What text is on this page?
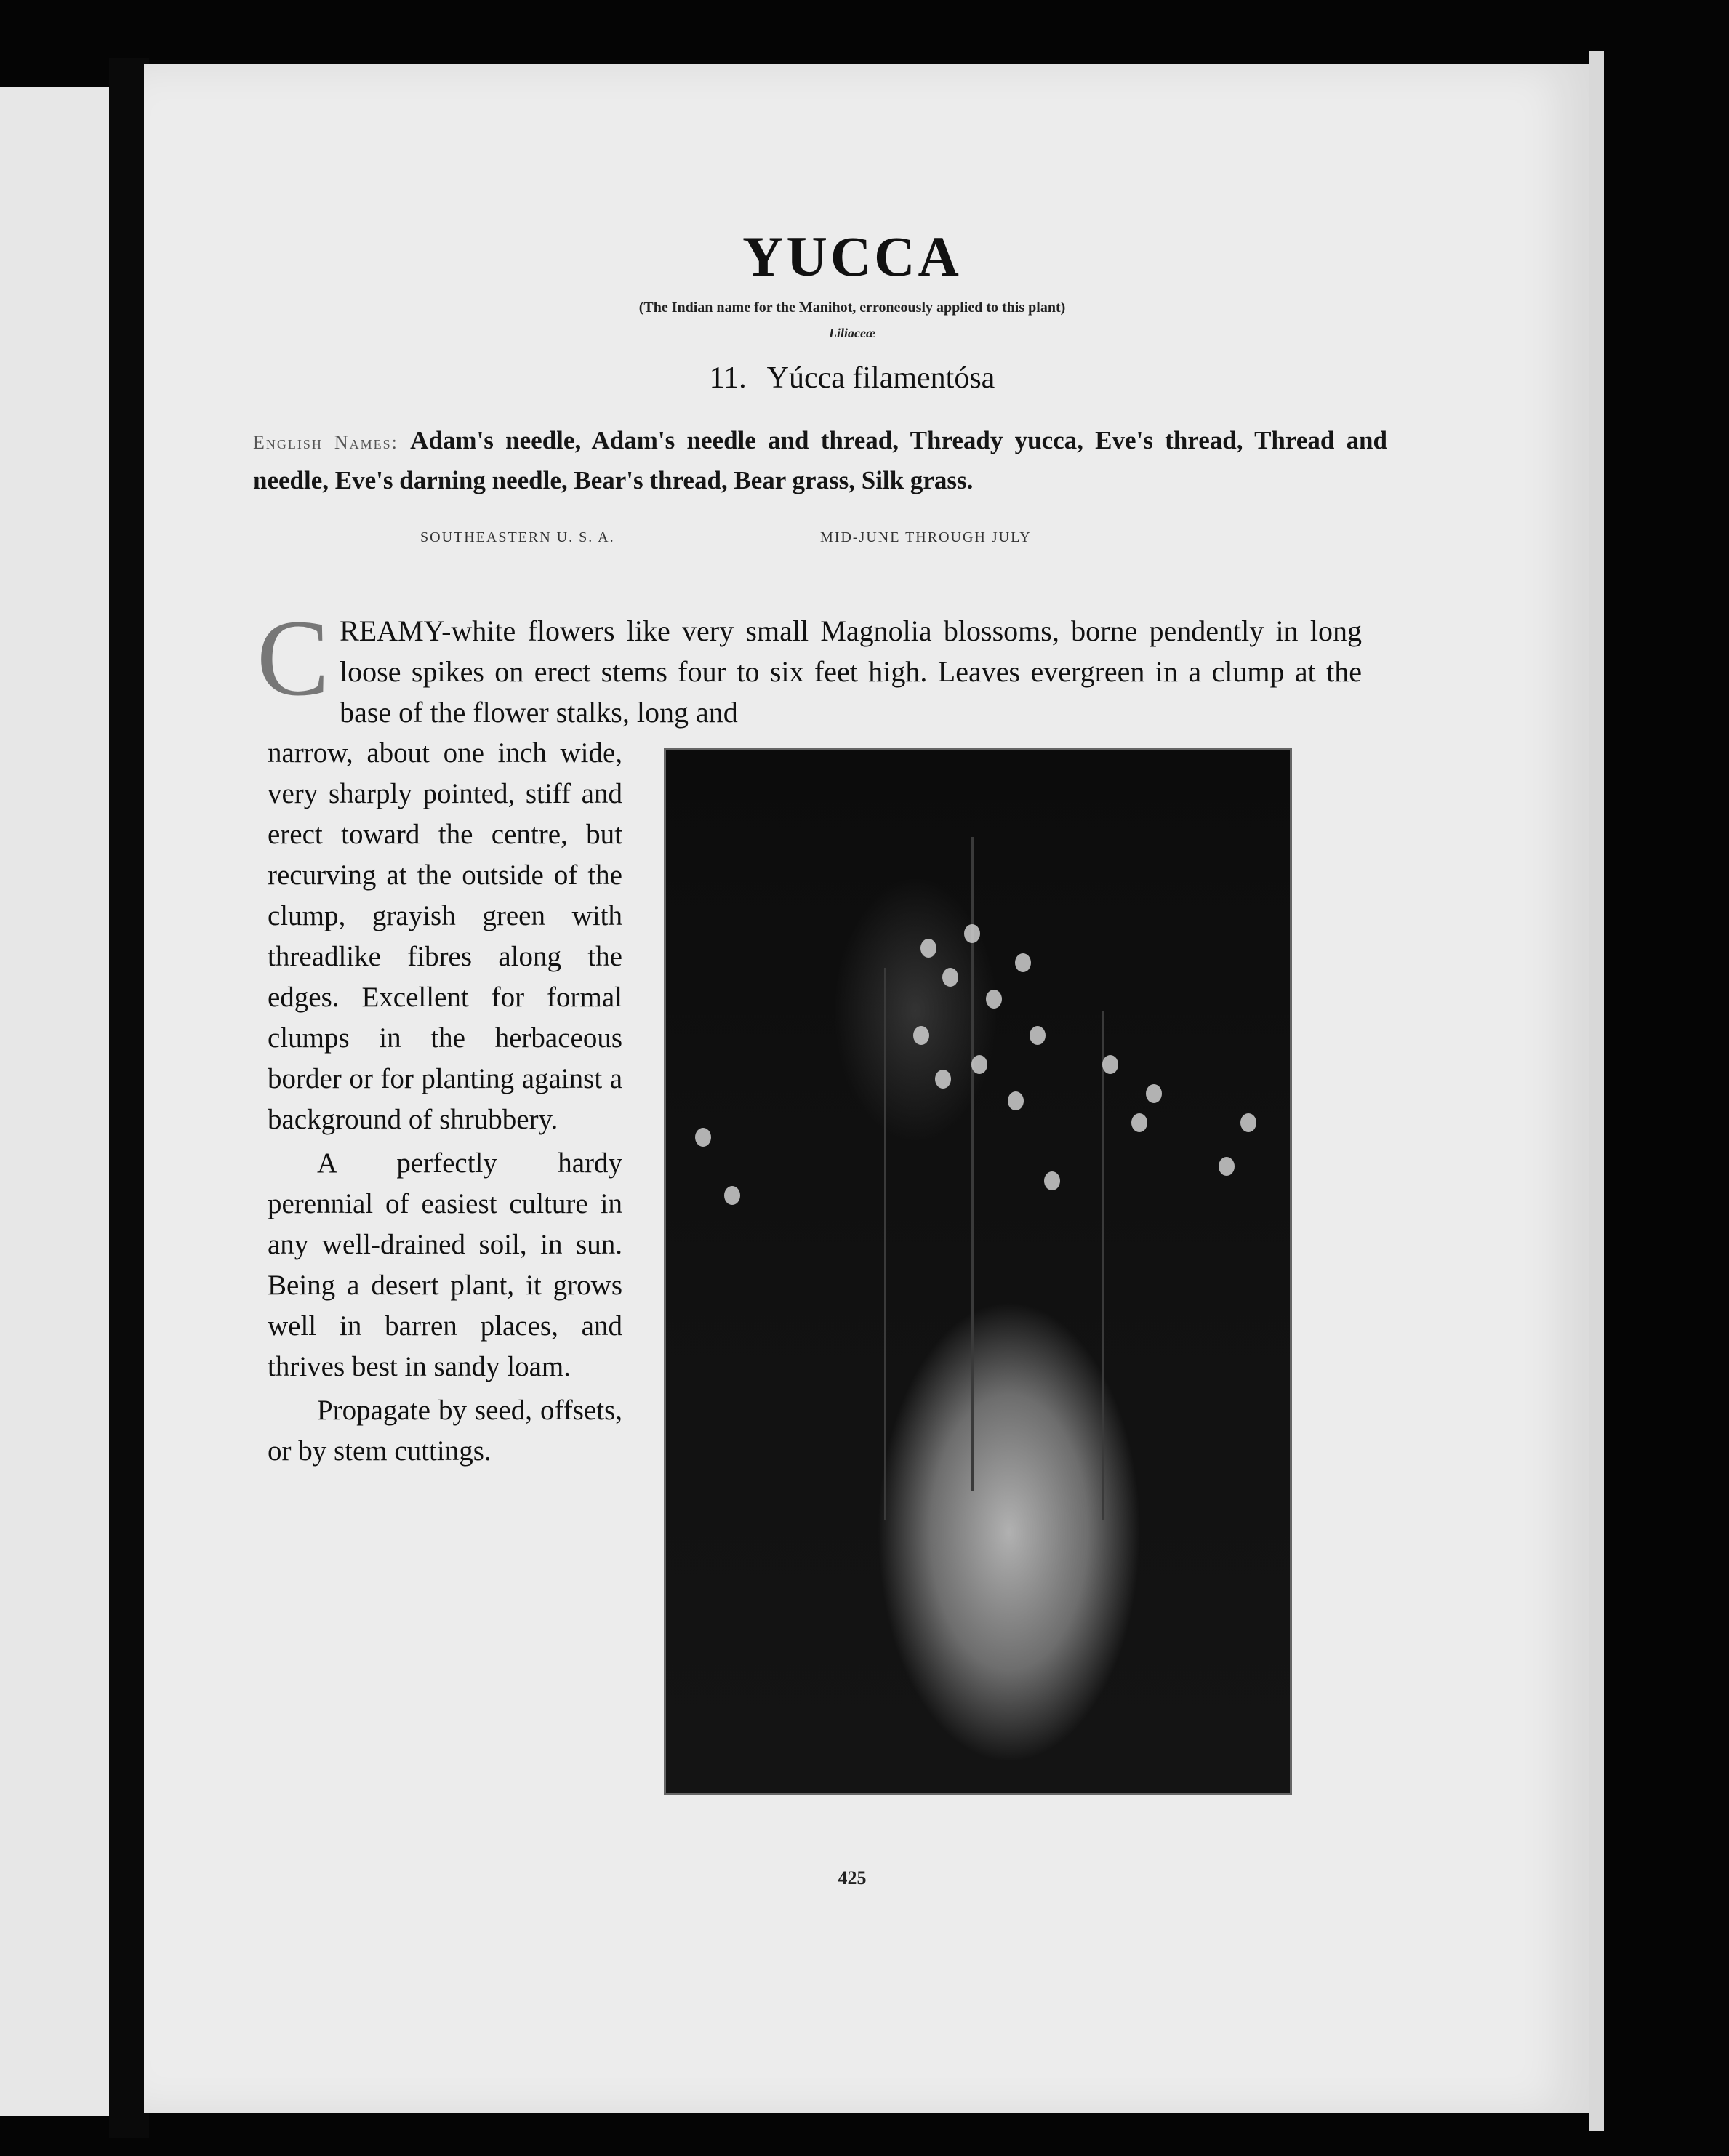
YUCCA
(The Indian name for the Manihot, erroneously applied to this plant)
Liliaceæ
11. Yúcca filamentósa
English Names: Adam's needle, Adam's needle and thread, Thready yucca, Eve's thread, Thread and needle, Eve's darning needle, Bear's thread, Bear grass, Silk grass.
SOUTHEASTERN U. S. A.	MID-JUNE THROUGH JULY
CREAMY-white flowers like very small Magnolia blossoms, borne pendently in long loose spikes on erect stems four to six feet high. Leaves evergreen in a clump at the base of the flower stalks, long and

narrow, about one inch wide, very sharply pointed, stiff and erect toward the centre, but recurving at the outside of the clump, grayish green with threadlike fibres along the edges. Excellent for formal clumps in the herbaceous border or for planting against a background of shrubbery.

A perfectly hardy perennial of easiest culture in any well-drained soil, in sun. Being a desert plant, it grows well in barren places, and thrives best in sandy loam.

Propagate by seed, offsets, or by stem cuttings.

425
